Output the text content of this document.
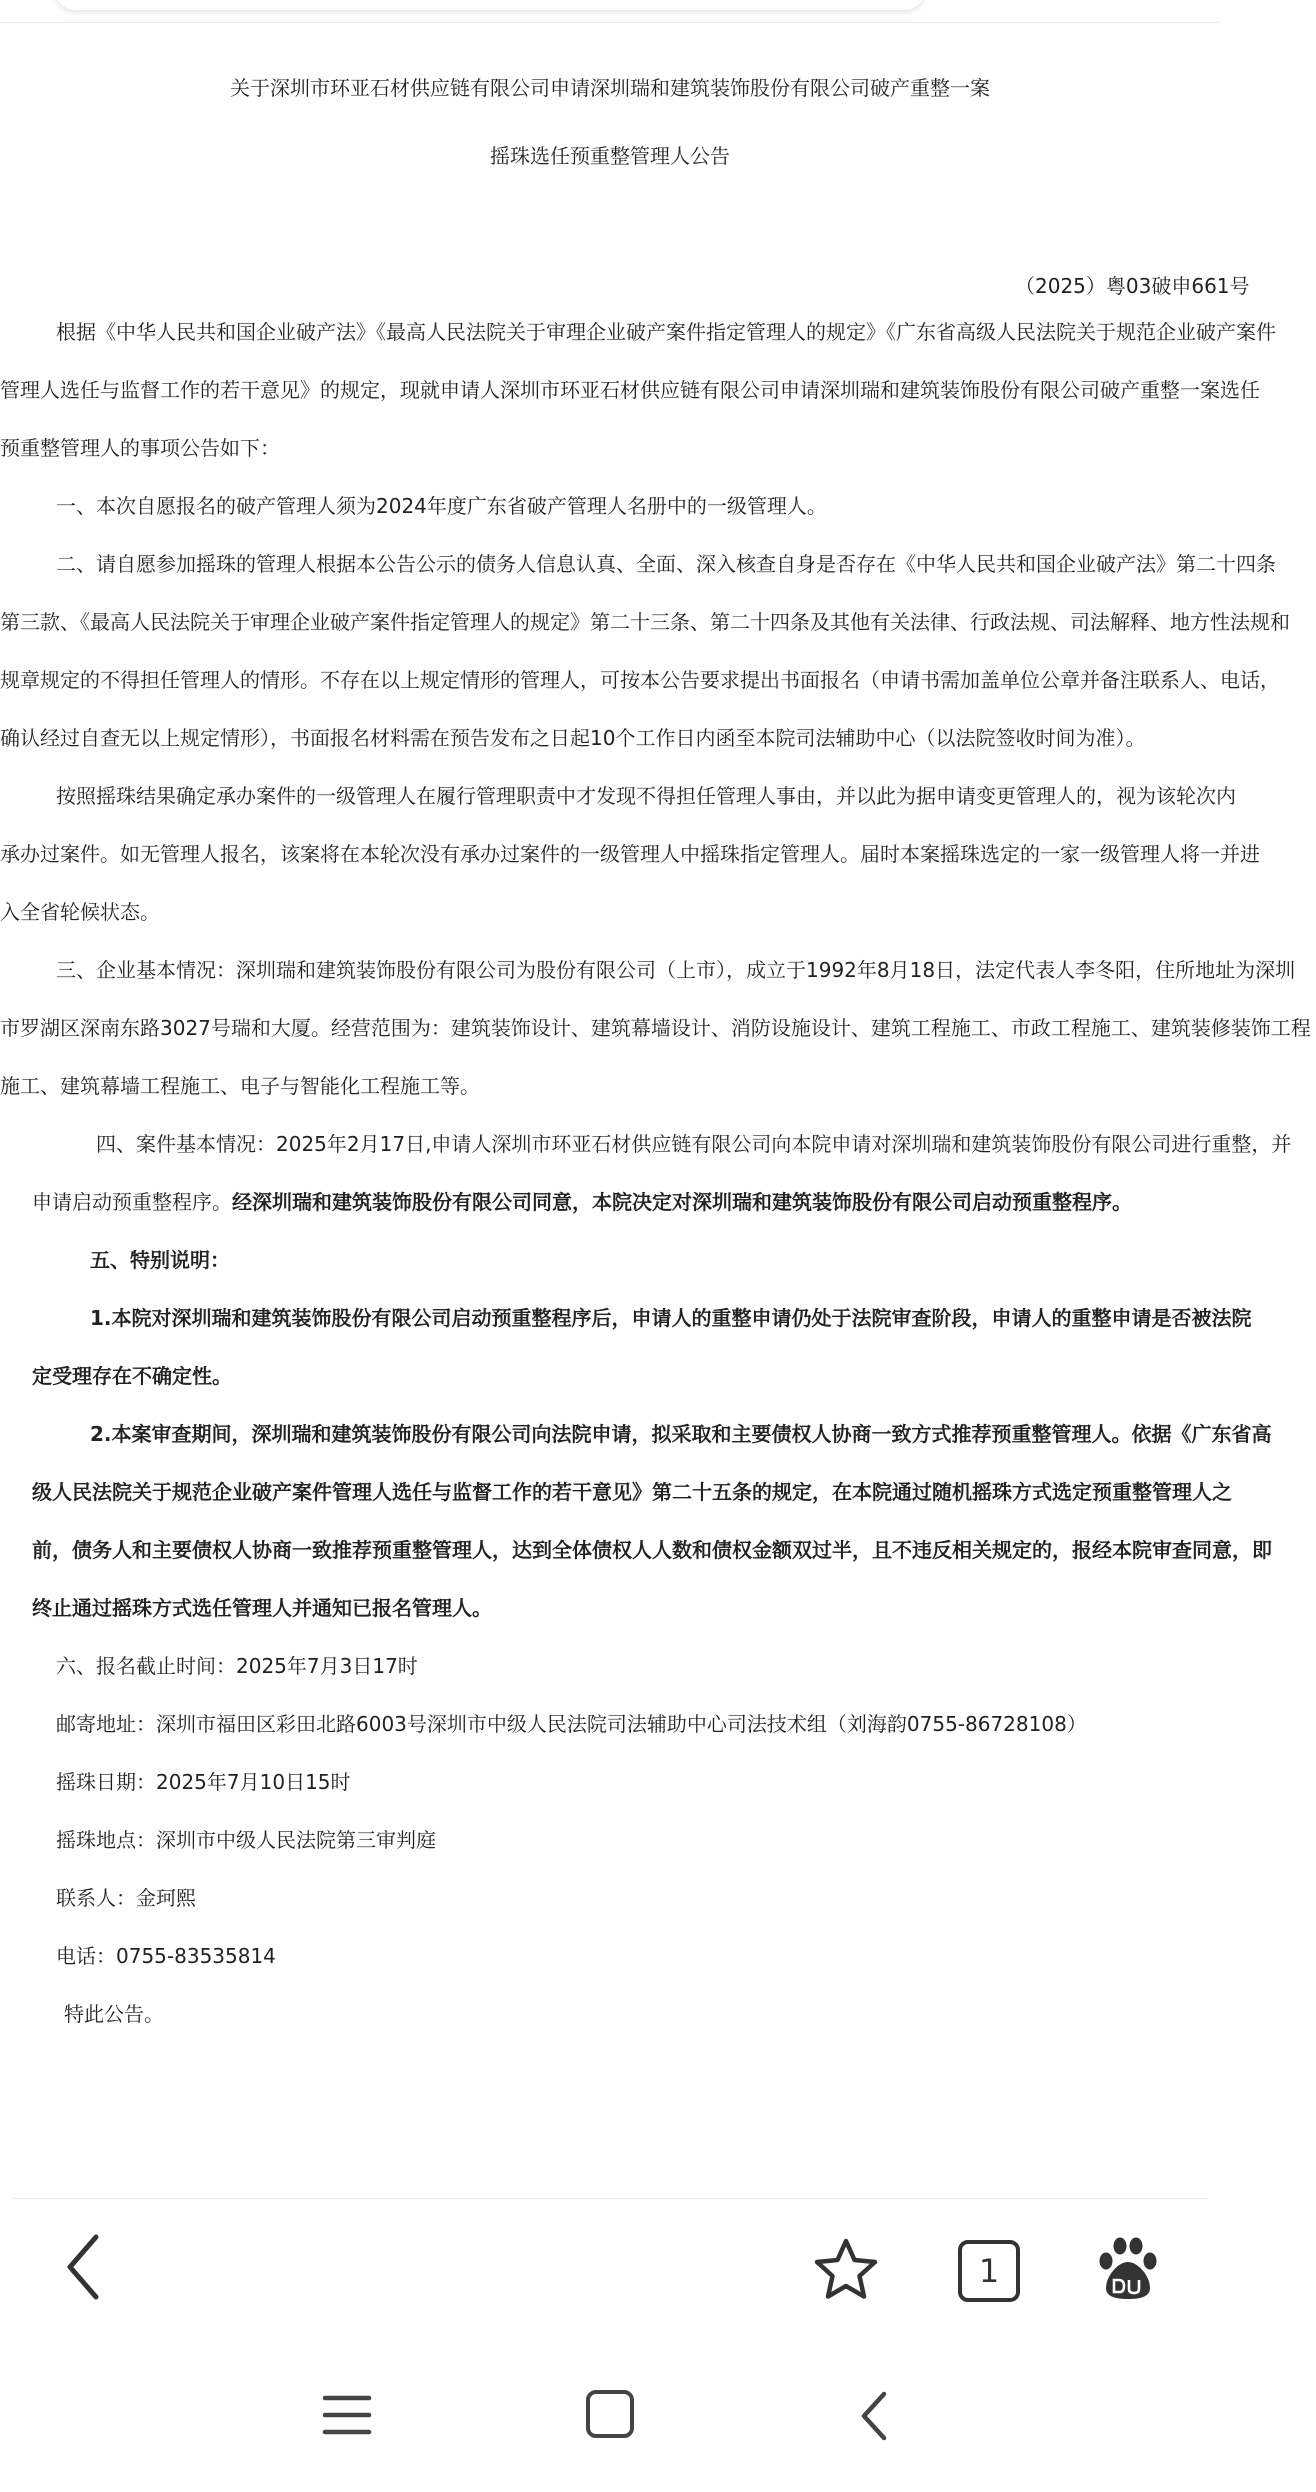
关于深圳市环亚石材供应链有限公司申请深圳瑞和建筑装饰股份有限公司破产重整一案

摇珠选任预重整管理人公告

（2025）粤03破申661号
根据《中华人民共和国企业破产法》《最高人民法院关于审理企业破产案件指定管理人的规定》《广东省高级人民法院关于规范企业破产案件
管理人选任与监督工作的若干意见》的规定，现就申请人深圳市环亚石材供应链有限公司申请深圳瑞和建筑装饰股份有限公司破产重整一案选任
预重整管理人的事项公告如下：
一、本次自愿报名的破产管理人须为2024年度广东省破产管理人名册中的一级管理人。
二、请自愿参加摇珠的管理人根据本公告公示的债务人信息认真、全面、深入核查自身是否存在《中华人民共和国企业破产法》第二十四条
第三款、《最高人民法院关于审理企业破产案件指定管理人的规定》第二十三条、第二十四条及其他有关法律、行政法规、司法解释、地方性法规和
规章规定的不得担任管理人的情形。不存在以上规定情形的管理人，可按本公告要求提出书面报名（申请书需加盖单位公章并备注联系人、电话，
确认经过自查无以上规定情形），书面报名材料需在预告发布之日起10个工作日内函至本院司法辅助中心（以法院签收时间为准）。
按照摇珠结果确定承办案件的一级管理人在履行管理职责中才发现不得担任管理人事由，并以此为据申请变更管理人的，视为该轮次内
承办过案件。如无管理人报名，该案将在本轮次没有承办过案件的一级管理人中摇珠指定管理人。届时本案摇珠选定的一家一级管理人将一并进
入全省轮候状态。
三、企业基本情况：深圳瑞和建筑装饰股份有限公司为股份有限公司（上市），成立于1992年8月18日，法定代表人李冬阳，住所地址为深圳
市罗湖区深南东路3027号瑞和大厦。经营范围为：建筑装饰设计、建筑幕墙设计、消防设施设计、建筑工程施工、市政工程施工、建筑装修装饰工程
施工、建筑幕墙工程施工、电子与智能化工程施工等。
四、案件基本情况：2025年2月17日,申请人深圳市环亚石材供应链有限公司向本院申请对深圳瑞和建筑装饰股份有限公司进行重整，并
申请启动预重整程序。经深圳瑞和建筑装饰股份有限公司同意，本院决定对深圳瑞和建筑装饰股份有限公司启动预重整程序。
五、特别说明：
1.本院对深圳瑞和建筑装饰股份有限公司启动预重整程序后，申请人的重整申请仍处于法院审查阶段，申请人的重整申请是否被法院
定受理存在不确定性。
2.本案审查期间，深圳瑞和建筑装饰股份有限公司向法院申请，拟采取和主要债权人协商一致方式推荐预重整管理人。依据《广东省高
级人民法院关于规范企业破产案件管理人选任与监督工作的若干意见》第二十五条的规定，在本院通过随机摇珠方式选定预重整管理人之
前，债务人和主要债权人协商一致推荐预重整管理人，达到全体债权人人数和债权金额双过半，且不违反相关规定的，报经本院审查同意，即
终止通过摇珠方式选任管理人并通知已报名管理人。
六、报名截止时间：2025年7月3日17时
邮寄地址：深圳市福田区彩田北路6003号深圳市中级人民法院司法辅助中心司法技术组（刘海韵0755-86728108）
摇珠日期：2025年7月10日15时
摇珠地点：深圳市中级人民法院第三审判庭
联系人：金珂熙
电话：0755-83535814
特此公告。
1
